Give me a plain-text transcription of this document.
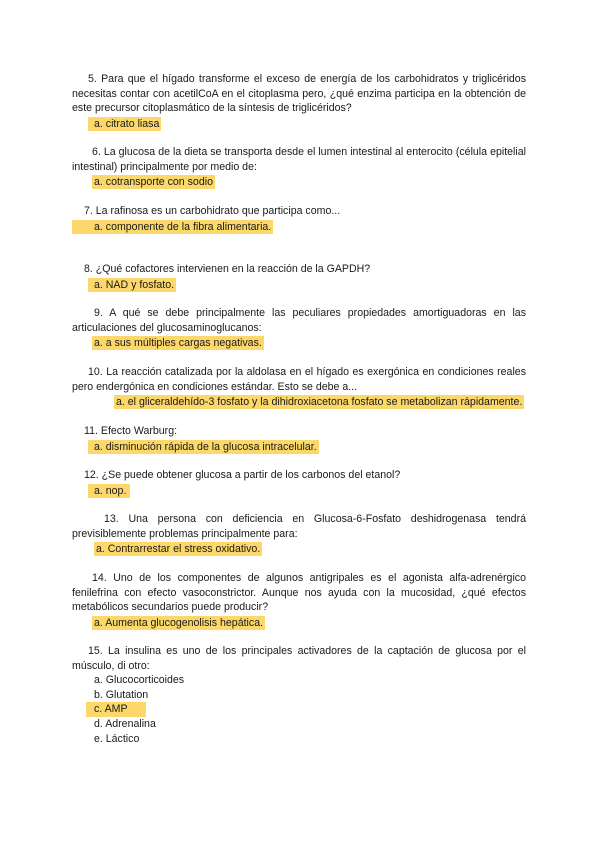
5. Para que el hígado transforme el exceso de energía de los carbohidratos y triglicéridos necesitas contar con acetilCoA en el citoplasma pero, ¿qué enzima participa en la obtención de este precursor citoplasmático de la síntesis de triglicéridos?

a. citrato liasa

6. La glucosa de la dieta se transporta desde el lumen intestinal al enterocito (célula epitelial intestinal) principalmente por medio de:

a. cotransporte con sodio

7. La rafinosa es un carbohidrato que participa como...

a. componente de la fibra alimentaria.

8. ¿Qué cofactores intervienen en la reacción de la GAPDH?

a. NAD y fosfato.

9. A qué se debe principalmente las peculiares propiedades amortiguadoras en las articulaciones del glucosaminoglucanos:

a. a sus múltiples cargas negativas.

10. La reacción catalizada por la aldolasa en el hígado es exergónica en condiciones reales pero endergónica en condiciones estándar. Esto se debe a...

a. el gliceraldehído-3 fosfato y la dihidroxiacetona fosfato se metabolizan rápidamente.

11. Efecto Warburg:

a. disminución rápida de la glucosa intracelular.

12. ¿Se puede obtener glucosa a partir de los carbonos del etanol?

a. nop.

13. Una persona con deficiencia en Glucosa-6-Fosfato deshidrogenasa tendrá previsiblemente problemas principalmente para:

a. Contrarrestar el stress oxidativo.

14. Uno de los componentes de algunos antigripales es el agonista alfa-adrenérgico fenilefrina con efecto vasoconstrictor. Aunque nos ayuda con la mucosidad, ¿qué efectos metabólicos secundarios puede producir?

a. Aumenta glucogenolisis hepática.

15. La insulina es uno de los principales activadores de la captación de glucosa por el músculo, di otro:

a. Glucocorticoides
b. Glutation
c. AMP
d. Adrenalina
e. Láctico
